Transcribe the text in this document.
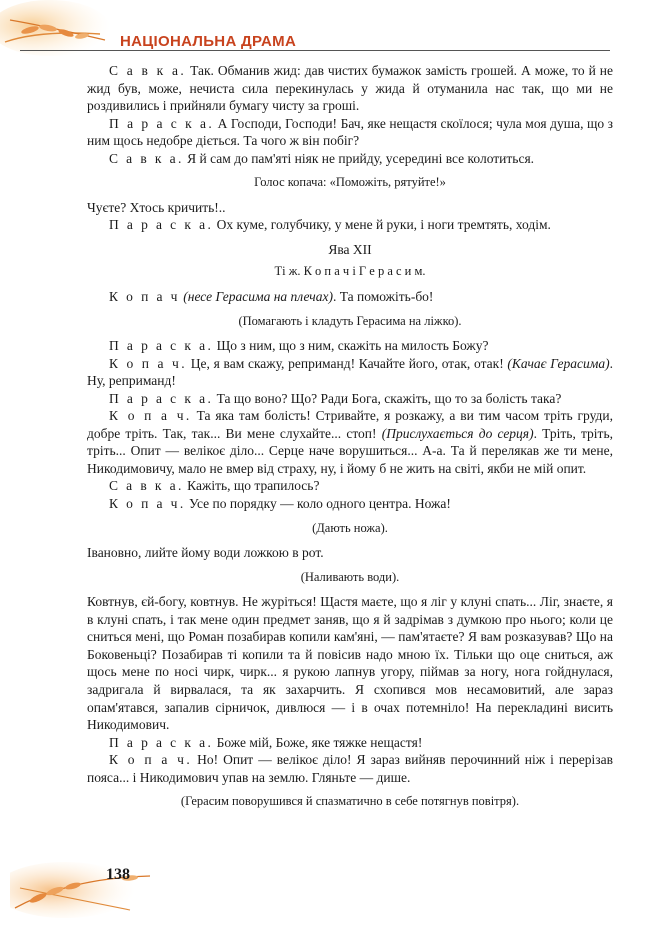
НАЦІОНАЛЬНА ДРАМА

С а в к а. Так. Обманив жид: дав чистих бумажок замість грошей. А може, то й не жид був, може, нечиста сила перекинулась у жида й отуманила нас так, що ми не роздивились і прийняли бумагу чисту за гроші.

П а р а с к а. А Господи, Господи! Бач, яке нещастя скоїлося; чула моя душа, що з ним щось недобре діється. Та чого ж він побіг?

С а в к а. Я й сам до пам'яті ніяк не прийду, усередині все колотиться.

Голос копача: «Поможіть, рятуйте!»

Чуєте? Хтось кричить!..

П а р а с к а. Ох куме, голубчику, у мене й руки, і ноги тремтять, ходім.

Ява XII

Ті ж. К о п а ч і Г е р а с и м.

К о п а ч (несе Герасима на плечах). Та поможіть-бо!

(Помагають і кладуть Герасима на ліжко).

П а р а с к а. Що з ним, що з ним, скажіть на милость Божу?

К о п а ч. Це, я вам скажу, реприманд! Качайте його, отак, отак! (Качає Герасима). Ну, реприманд!

П а р а с к а. Та що воно? Що? Ради Бога, скажіть, що то за болість така?

К о п а ч. Та яка там болість! Стривайте, я розкажу, а ви тим часом тріть груди, добре тріть. Так, так... Ви мене слухайте... стоп! (Прислухається до серця). Тріть, тріть, тріть... Опит — велікоє діло... Серце наче ворушиться... А-а. Та й перелякав же ти мене, Никодимовичу, мало не вмер від страху, ну, і йому б не жить на світі, якби не мій опит.

С а в к а. Кажіть, що трапилось?

К о п а ч. Усе по порядку — коло одного центра. Ножа!

(Дають ножа).

Івановно, лийте йому води ложкою в рот.

(Наливають води).

Ковтнув, єй-богу, ковтнув. Не журіться! Щастя маєте, що я ліг у клуні спать... Ліг, знаєте, я в клуні спать, і так мене один предмет заняв, що я й задрімав з думкою про нього; коли це сниться мені, що Роман позабирав копили кам'яні, — пам'ятаєте? Я вам розказував? Що на Боковеньці? Позабирав ті копили та й повісив надо мною їх. Тільки що оце сниться, аж щось мене по носі чирк, чирк... я рукою лапнув угору, піймав за ногу, нога гойднулася, задригала й вирвалася, та як захарчить. Я схопився мов несамовитий, але зараз опам'ятався, запалив сірничок, дивлюся — і в очах потемніло! На перекладині висить Никодимович.

П а р а с к а. Боже мій, Боже, яке тяжке нещастя!

К о п а ч. Но! Опит — велікоє діло! Я зараз вийняв перочинний ніж і перерізав пояса... і Никодимович упав на землю. Гляньте — дише.

(Герасим поворушився й спазматично в себе потягнув повітря).

138
